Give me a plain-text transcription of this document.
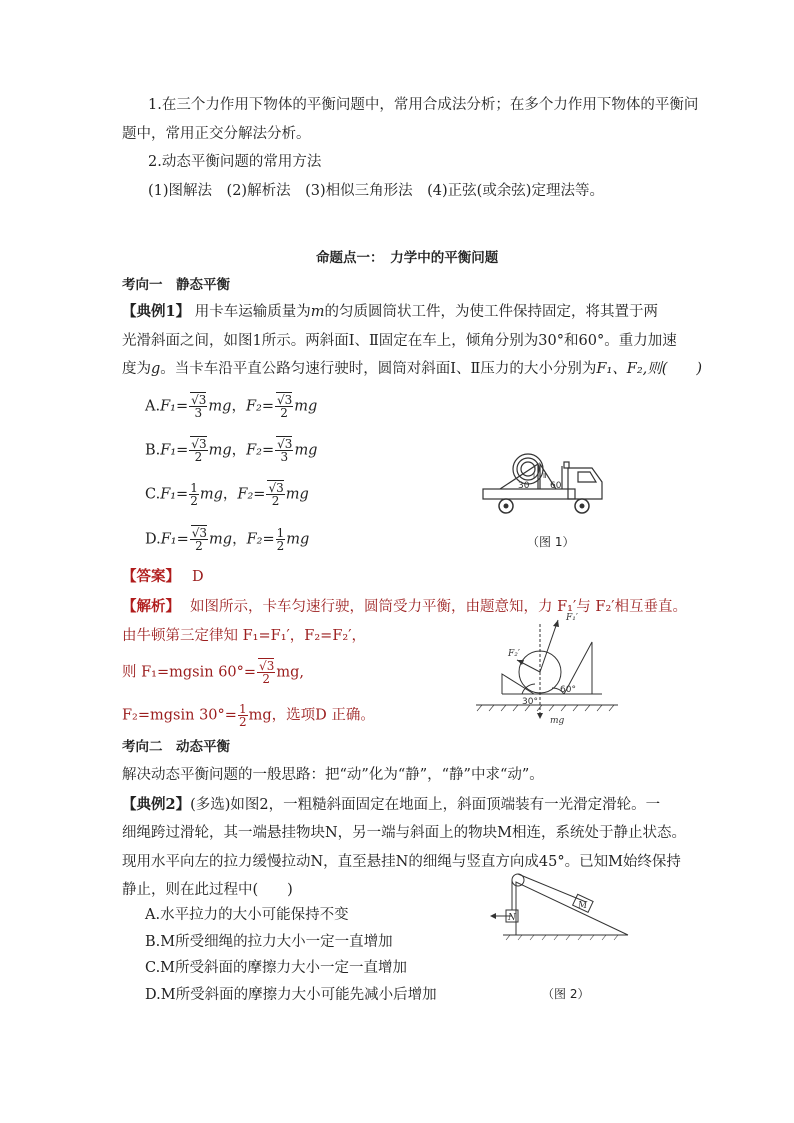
1.在三个力作用下物体的平衡问题中，常用合成法分析；在多个力作用下物体的平衡问
题中，常用正交分解法分析。
2.动态平衡问题的常用方法
(1)图解法　(2)解析法　(3)相似三角形法　(4)正弦(或余弦)定理法等。
命题点一：　力学中的平衡问题
考向一　静态平衡
【典例1】 用卡车运输质量为m的匀质圆筒状工件，为使工件保持固定，将其置于两
光滑斜面之间，如图1所示。两斜面Ⅰ、Ⅱ固定在车上，倾角分别为30°和60°。重力加速
度为g。当卡车沿平直公路匀速行驶时，圆筒对斜面Ⅰ、Ⅱ压力的大小分别为F₁、F₂,则(　　)
$A.F_1= \frac{√3}{3}$ mg，$F_2= \frac{√3}{2}$ mg
$B.F_1= \frac{√3}{2}$ mg，$F_2= \frac{√3}{3}$ mg
$C.F_1= \frac{1}{2}$ mg，$F_2= \frac{√3}{2}$ mg
$D.F_1= \frac{√3}{2}$ mg，$F_2= \frac{1}{2}$ mg
30 60
Ⅰ Ⅱ
（图 1）
【答案】 D
【解析】 如图所示，卡车匀速行驶，圆筒受力平衡，由题意知，力 F₁′与 F₂′相互垂直。
由牛顿第三定律知 F₁=F₁′，F₂=F₂′，
则 F₁=mgsin $60^\circ= \frac{√3}{2}$ mg,
F₂=mgsin $30^\circ= \frac{1}{2}$ mg，选项D 正确。
F₁′
F₂′
30°
60°
mg
考向二　动态平衡
解决动态平衡问题的一般思路：把“动”化为“静”，“静”中求“动”。
【典例2】(多选)如图2，一粗糙斜面固定在地面上，斜面顶端装有一光滑定滑轮。一
细绳跨过滑轮，其一端悬挂物块N，另一端与斜面上的物块M相连，系统处于静止状态。
现用水平向左的拉力缓慢拉动N，直至悬挂N的细绳与竖直方向成45°。已知M始终保持
静止，则在此过程中(　　)
A.水平拉力的大小可能保持不变
B.M所受细绳的拉力大小一定一直增加
C.M所受斜面的摩擦力大小一定一直增加
D.M所受斜面的摩擦力大小可能先减小后增加
N
M
（图 2）
